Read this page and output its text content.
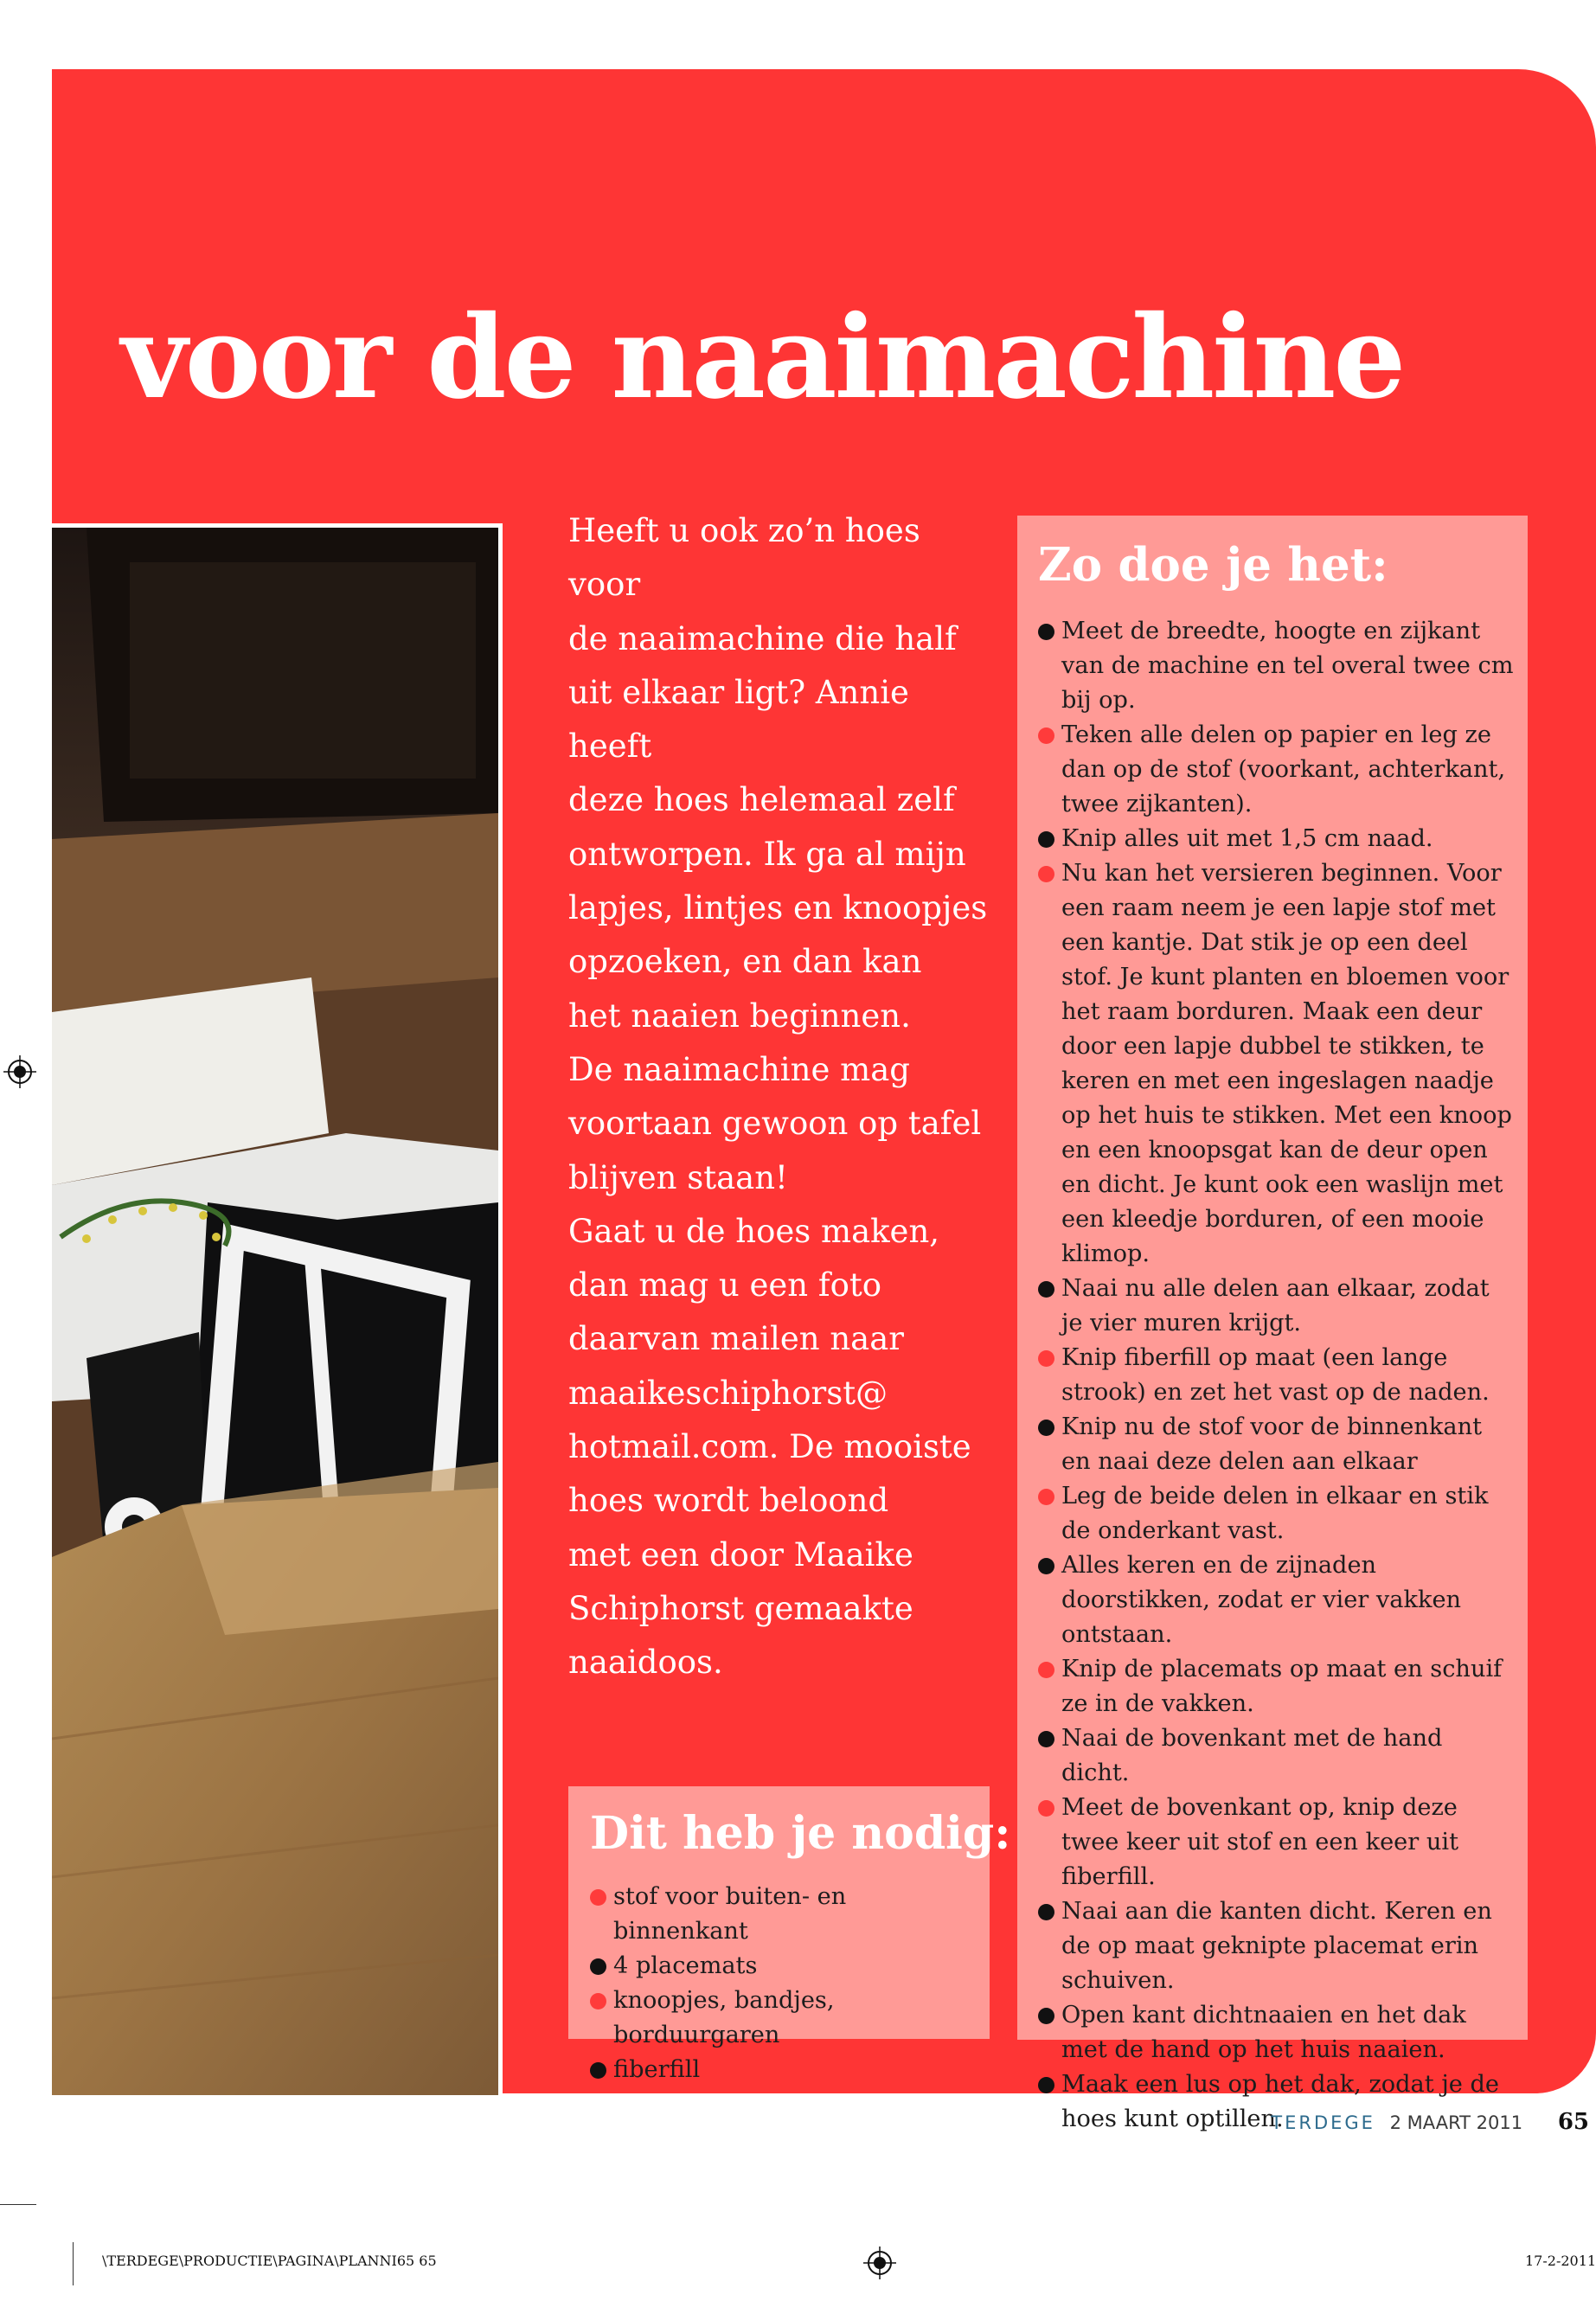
voor de naaimachine

Heeft u ook zo’n hoes voor
de naaimachine die half
uit elkaar ligt? Annie heeft
deze hoes helemaal zelf
ontworpen. Ik ga al mijn
lapjes, lintjes en knoopjes
opzoeken, en dan kan
het naaien beginnen.
De naaimachine mag
voortaan gewoon op tafel
blijven staan!
Gaat u de hoes maken,
dan mag u een foto
daarvan mailen naar
maaikeschiphorst@
hotmail.com. De mooiste
hoes wordt beloond
met een door Maaike
Schiphorst gemaakte
naaidoos.

Zo doe je het:
Meet de breedte, hoogte en zijkant van de machine en tel overal twee cm bij op.
Teken alle delen op papier en leg ze dan op de stof (voorkant, achterkant, twee zijkanten).
Knip alles uit met 1,5 cm naad.
Nu kan het versieren beginnen. Voor een raam neem je een lapje stof met een kantje. Dat stik je op een deel stof. Je kunt planten en bloemen voor het raam borduren. Maak een deur door een lapje dubbel te stikken, te keren en met een ingeslagen naadje op het huis te stikken. Met een knoop en een knoopsgat kan de deur open en dicht. Je kunt ook een waslijn met een kleedje borduren, of een mooie klimop.
Naai nu alle delen aan elkaar, zodat je vier muren krijgt.
Knip fiberfill op maat (een lange strook) en zet het vast op de naden.
Knip nu de stof voor de binnenkant en naai deze delen aan elkaar
Leg de beide delen in elkaar en stik de onderkant vast.
Alles keren en de zijnaden doorstikken, zodat er vier vakken ontstaan.
Knip de placemats op maat en schuif ze in de vakken.
Naai de bovenkant met de hand dicht.
Meet de bovenkant op, knip deze twee keer uit stof en een keer uit fiberfill.
Naai aan die kanten dicht. Keren en de op maat geknipte placemat erin schuiven.
Open kant dichtnaaien en het dak met de hand op het huis naaien.
Maak een lus op het dak, zodat je de hoes kunt optillen.
Dit heb je nodig:
stof voor buiten- en binnenkant
4 placemats
knoopjes, bandjes, borduurgaren
fiberfill
TERDEGE 2 MAART 2011 65
\TERDEGE\PRODUCTIE\PAGINA\PLANNI65 65	17-2-2011
